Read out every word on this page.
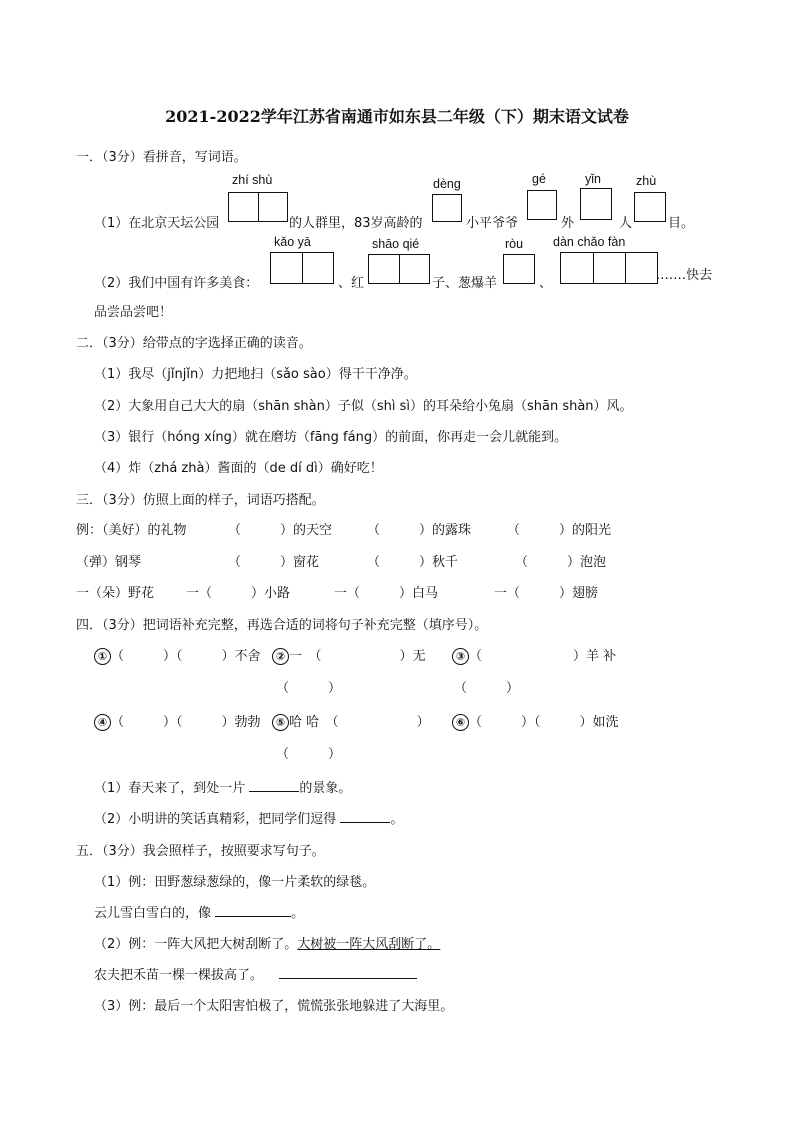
2021-2022学年江苏省南通市如东县二年级（下）期末语文试卷
一．（3分）看拼音，写词语。
zhí shù	dèng	gé	yǐn	zhù
（1）在北京天坛公园	的人群里，83岁高龄的	小平爷爷	外	人	目。
kǎo yā	shāo qié	ròu dàn chǎo fàn
（2）我们中国有许多美食：	、红	子、葱爆羊	、
.……快去
品尝品尝吧！
二．（3分）给带点的字选择正确的读音。
（1）我尽（jǐnjǐn）力把地扫（sǎo sào）得干干净净。
（2）大象用自己大大的扇（shān shàn）子似（shì sì）的耳朵给小兔扇（shān shàn）风。
（3）银行（hóng xíng）就在磨坊（fāng fáng）的前面，你再走一会儿就能到。
（4）炸（zhá zhà）酱面的（de dí dì）确好吃！
三．（3分）仿照上面的样子，词语巧搭配。
例：（美好）的礼物	（　　　）的天空	（　　　）的露珠	（　　　）的阳光
（弹）钢琴	（　　　）窗花	（　　　）秋千	（　　　）泡泡
一（朵）野花 一（　　　）小路	一（　　　）白马	一（　　　）翅膀
四．（3分）把词语补充完整，再选合适的词将句子补充完整（填序号）。
① （　　　）（　　　）不舍	② 一　（　　　　　　）无	③ （　　　　　　　）羊 补
（　　　）	（　　　）
④ （　　　）（　　　）勃勃	⑤ 哈 哈　（　　　　　　）	⑥ （　　　）（　　　）如洗
（　　　）
（1）春天来了，到处一片	的景象。
（2）小明讲的笑话真精彩，把同学们逗得	。
五．（3分）我会照样子，按照要求写句子。
（1）例：田野葱绿葱绿的，像一片柔软的绿毯。
云儿雪白雪白的，像	。
（2）例：一阵大风把大树刮断了。大树被一阵大风刮断了。
农夫把禾苗一棵一棵拔高了。
（3）例：最后一个太阳害怕极了，慌慌张张地躲进了大海里。
